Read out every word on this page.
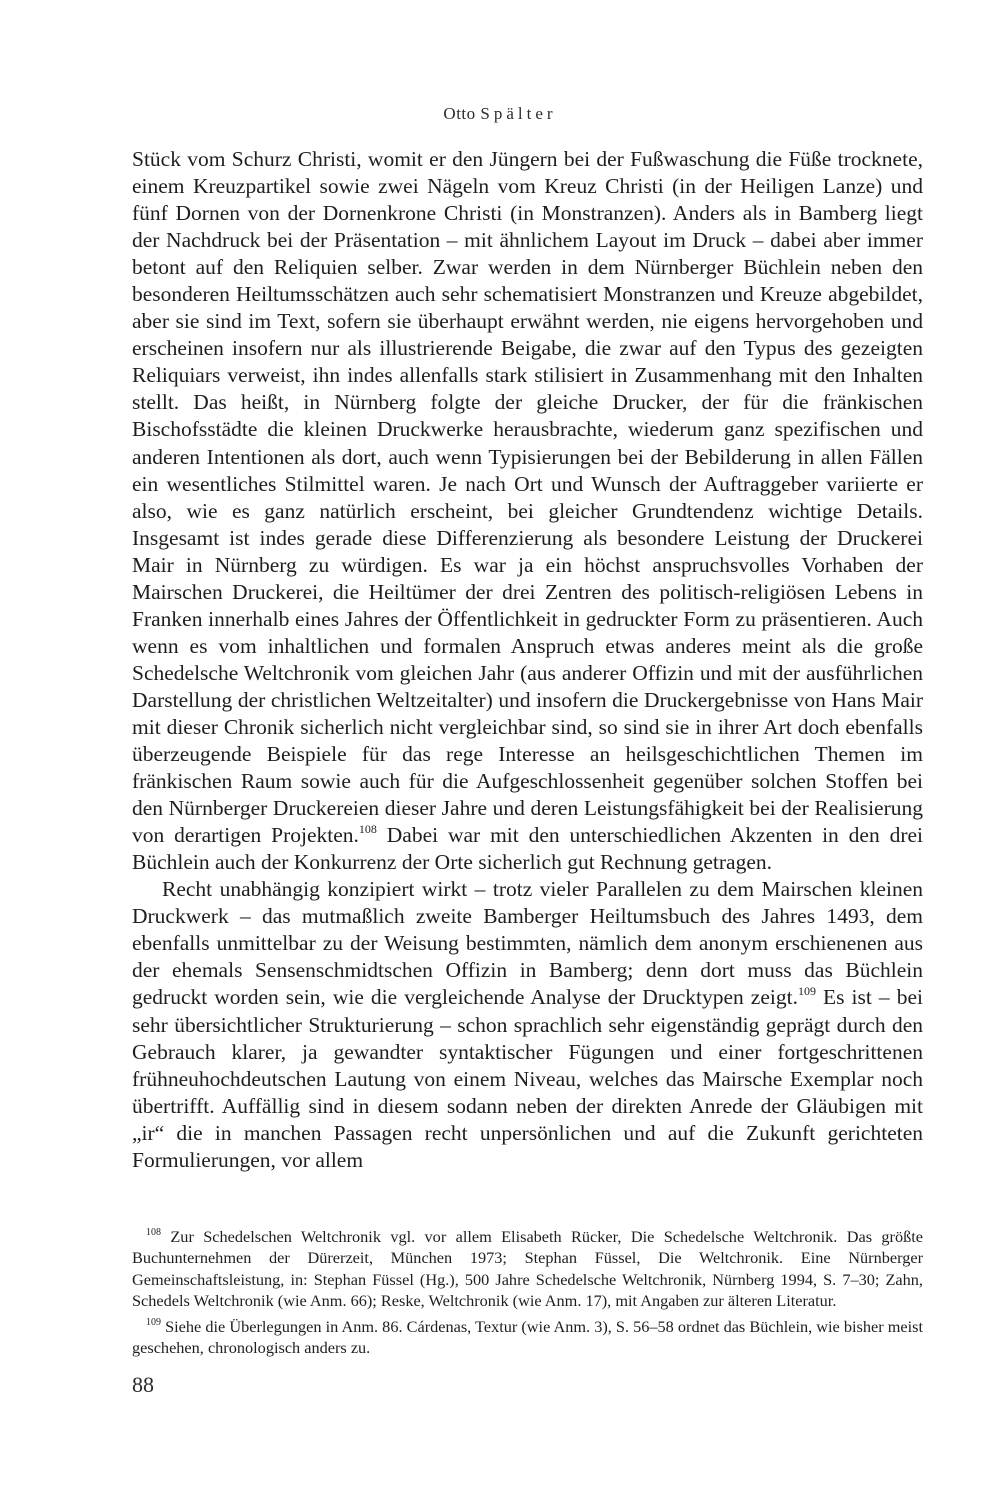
Otto Spälter

Stück vom Schurz Christi, womit er den Jüngern bei der Fußwaschung die Füße trocknete, einem Kreuzpartikel sowie zwei Nägeln vom Kreuz Christi (in der Heiligen Lanze) und fünf Dornen von der Dornenkrone Christi (in Monstranzen). Anders als in Bamberg liegt der Nachdruck bei der Präsentation – mit ähnlichem Layout im Druck – dabei aber immer betont auf den Reliquien selber. Zwar werden in dem Nürnberger Büchlein neben den besonderen Heiltumsschätzen auch sehr schematisiert Monstranzen und Kreuze abgebildet, aber sie sind im Text, sofern sie überhaupt erwähnt werden, nie eigens hervorgehoben und erscheinen insofern nur als illustrierende Beigabe, die zwar auf den Typus des gezeigten Reliquiars verweist, ihn indes allenfalls stark stilisiert in Zusammenhang mit den Inhalten stellt. Das heißt, in Nürnberg folgte der gleiche Drucker, der für die fränkischen Bischofsstädte die kleinen Druckwerke herausbrachte, wiederum ganz spezifischen und anderen Intentionen als dort, auch wenn Typisierungen bei der Bebilderung in allen Fällen ein wesentliches Stilmittel waren. Je nach Ort und Wunsch der Auftraggeber variierte er also, wie es ganz natürlich erscheint, bei gleicher Grundtendenz wichtige Details. Insgesamt ist indes gerade diese Differenzierung als besondere Leistung der Druckerei Mair in Nürnberg zu würdigen. Es war ja ein höchst anspruchsvolles Vorhaben der Mairschen Druckerei, die Heiltümer der drei Zentren des politisch-religiösen Lebens in Franken innerhalb eines Jahres der Öffentlichkeit in gedruckter Form zu präsentieren. Auch wenn es vom inhaltlichen und formalen Anspruch etwas anderes meint als die große Schedelsche Weltchronik vom gleichen Jahr (aus anderer Offizin und mit der ausführlichen Darstellung der christlichen Weltzeitalter) und insofern die Druckergebnisse von Hans Mair mit dieser Chronik sicherlich nicht vergleichbar sind, so sind sie in ihrer Art doch ebenfalls überzeugende Beispiele für das rege Interesse an heilsgeschichtlichen Themen im fränkischen Raum sowie auch für die Aufgeschlossenheit gegenüber solchen Stoffen bei den Nürnberger Druckereien dieser Jahre und deren Leistungsfähigkeit bei der Realisierung von derartigen Projekten.$^{108}$ Dabei war mit den unterschiedlichen Akzenten in den drei Büchlein auch der Konkurrenz der Orte sicherlich gut Rechnung getragen.

Recht unabhängig konzipiert wirkt – trotz vieler Parallelen zu dem Mairschen kleinen Druckwerk – das mutmaßlich zweite Bamberger Heiltumsbuch des Jahres 1493, dem ebenfalls unmittelbar zu der Weisung bestimmten, nämlich dem anonym erschienenen aus der ehemals Sensenschmidtschen Offizin in Bamberg; denn dort muss das Büchlein gedruckt worden sein, wie die vergleichende Analyse der Drucktypen zeigt.$^{109}$ Es ist – bei sehr übersichtlicher Strukturierung – schon sprachlich sehr eigenständig geprägt durch den Gebrauch klarer, ja gewandter syntaktischer Fügungen und einer fortgeschrittenen frühneuhochdeutschen Lautung von einem Niveau, welches das Mairsche Exemplar noch übertrifft. Auffällig sind in diesem sodann neben der direkten Anrede der Gläubigen mit „ir“ die in manchen Passagen recht unpersönlichen und auf die Zukunft gerichteten Formulierungen, vor allem

$^{108}$ Zur Schedelschen Weltchronik vgl. vor allem Elisabeth Rücker, Die Schedelsche Weltchronik. Das größte Buchunternehmen der Dürerzeit, München 1973; Stephan Füssel, Die Weltchronik. Eine Nürnberger Gemeinschaftsleistung, in: Stephan Füssel (Hg.), 500 Jahre Schedelsche Weltchronik, Nürnberg 1994, S. 7–30; Zahn, Schedels Weltchronik (wie Anm. 66); Reske, Weltchronik (wie Anm. 17), mit Angaben zur älteren Literatur.

$^{109}$ Siehe die Überlegungen in Anm. 86. Cárdenas, Textur (wie Anm. 3), S. 56–58 ordnet das Büchlein, wie bisher meist geschehen, chronologisch anders zu.

88
